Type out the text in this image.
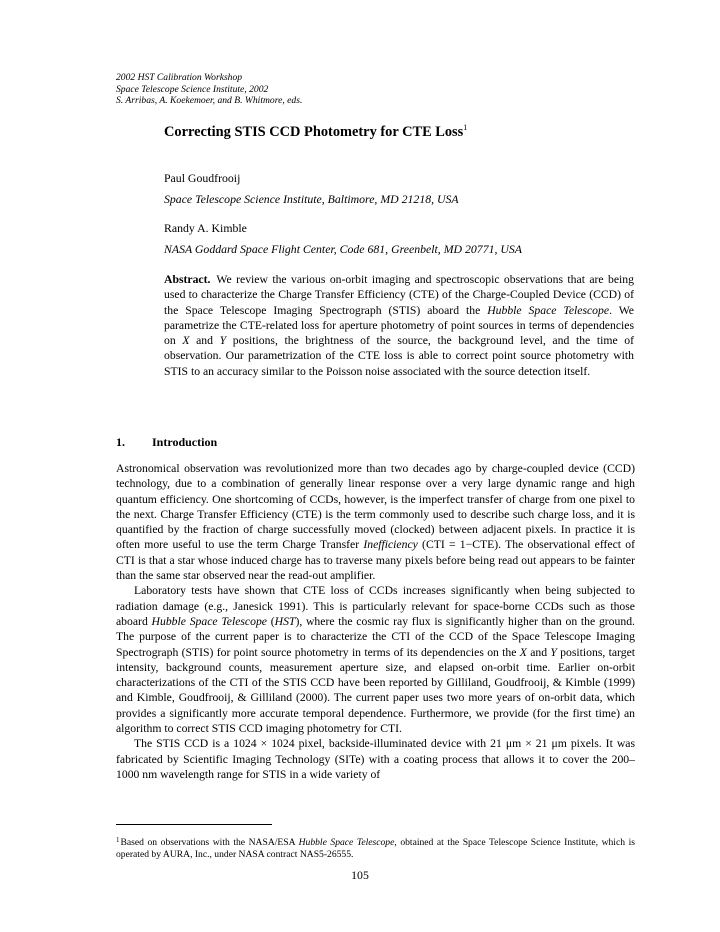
2002 HST Calibration Workshop
Space Telescope Science Institute, 2002
S. Arribas, A. Koekemoer, and B. Whitmore, eds.
Correcting STIS CCD Photometry for CTE Loss$^1$
Paul Goudfrooij
Space Telescope Science Institute, Baltimore, MD 21218, USA
Randy A. Kimble
NASA Goddard Space Flight Center, Code 681, Greenbelt, MD 20771, USA
Abstract. We review the various on-orbit imaging and spectroscopic observations that are being used to characterize the Charge Transfer Efficiency (CTE) of the Charge-Coupled Device (CCD) of the Space Telescope Imaging Spectrograph (STIS) aboard the Hubble Space Telescope. We parametrize the CTE-related loss for aperture photometry of point sources in terms of dependencies on X and Y positions, the brightness of the source, the background level, and the time of observation. Our parametrization of the CTE loss is able to correct point source photometry with STIS to an accuracy similar to the Poisson noise associated with the source detection itself.
1. Introduction

Astronomical observation was revolutionized more than two decades ago by charge-coupled device (CCD) technology, due to a combination of generally linear response over a very large dynamic range and high quantum efficiency. One shortcoming of CCDs, however, is the imperfect transfer of charge from one pixel to the next. Charge Transfer Efficiency (CTE) is the term commonly used to describe such charge loss, and it is quantified by the fraction of charge successfully moved (clocked) between adjacent pixels. In practice it is often more useful to use the term Charge Transfer Inefficiency (CTI = 1−CTE). The observational effect of CTI is that a star whose induced charge has to traverse many pixels before being read out appears to be fainter than the same star observed near the read-out amplifier.

Laboratory tests have shown that CTE loss of CCDs increases significantly when being subjected to radiation damage (e.g., Janesick 1991). This is particularly relevant for space-borne CCDs such as those aboard Hubble Space Telescope (HST), where the cosmic ray flux is significantly higher than on the ground. The purpose of the current paper is to characterize the CTI of the CCD of the Space Telescope Imaging Spectrograph (STIS) for point source photometry in terms of its dependencies on the X and Y positions, target intensity, background counts, measurement aperture size, and elapsed on-orbit time. Earlier on-orbit characterizations of the CTI of the STIS CCD have been reported by Gilliland, Goudfrooij, & Kimble (1999) and Kimble, Goudfrooij, & Gilliland (2000). The current paper uses two more years of on-orbit data, which provides a significantly more accurate temporal dependence. Furthermore, we provide (for the first time) an algorithm to correct STIS CCD imaging photometry for CTI.

The STIS CCD is a 1024 × 1024 pixel, backside-illuminated device with 21 μm × 21 μm pixels. It was fabricated by Scientific Imaging Technology (SITe) with a coating process that allows it to cover the 200–1000 nm wavelength range for STIS in a wide variety of

$^1$Based on observations with the NASA/ESA Hubble Space Telescope, obtained at the Space Telescope Science Institute, which is operated by AURA, Inc., under NASA contract NAS5-26555.
105
